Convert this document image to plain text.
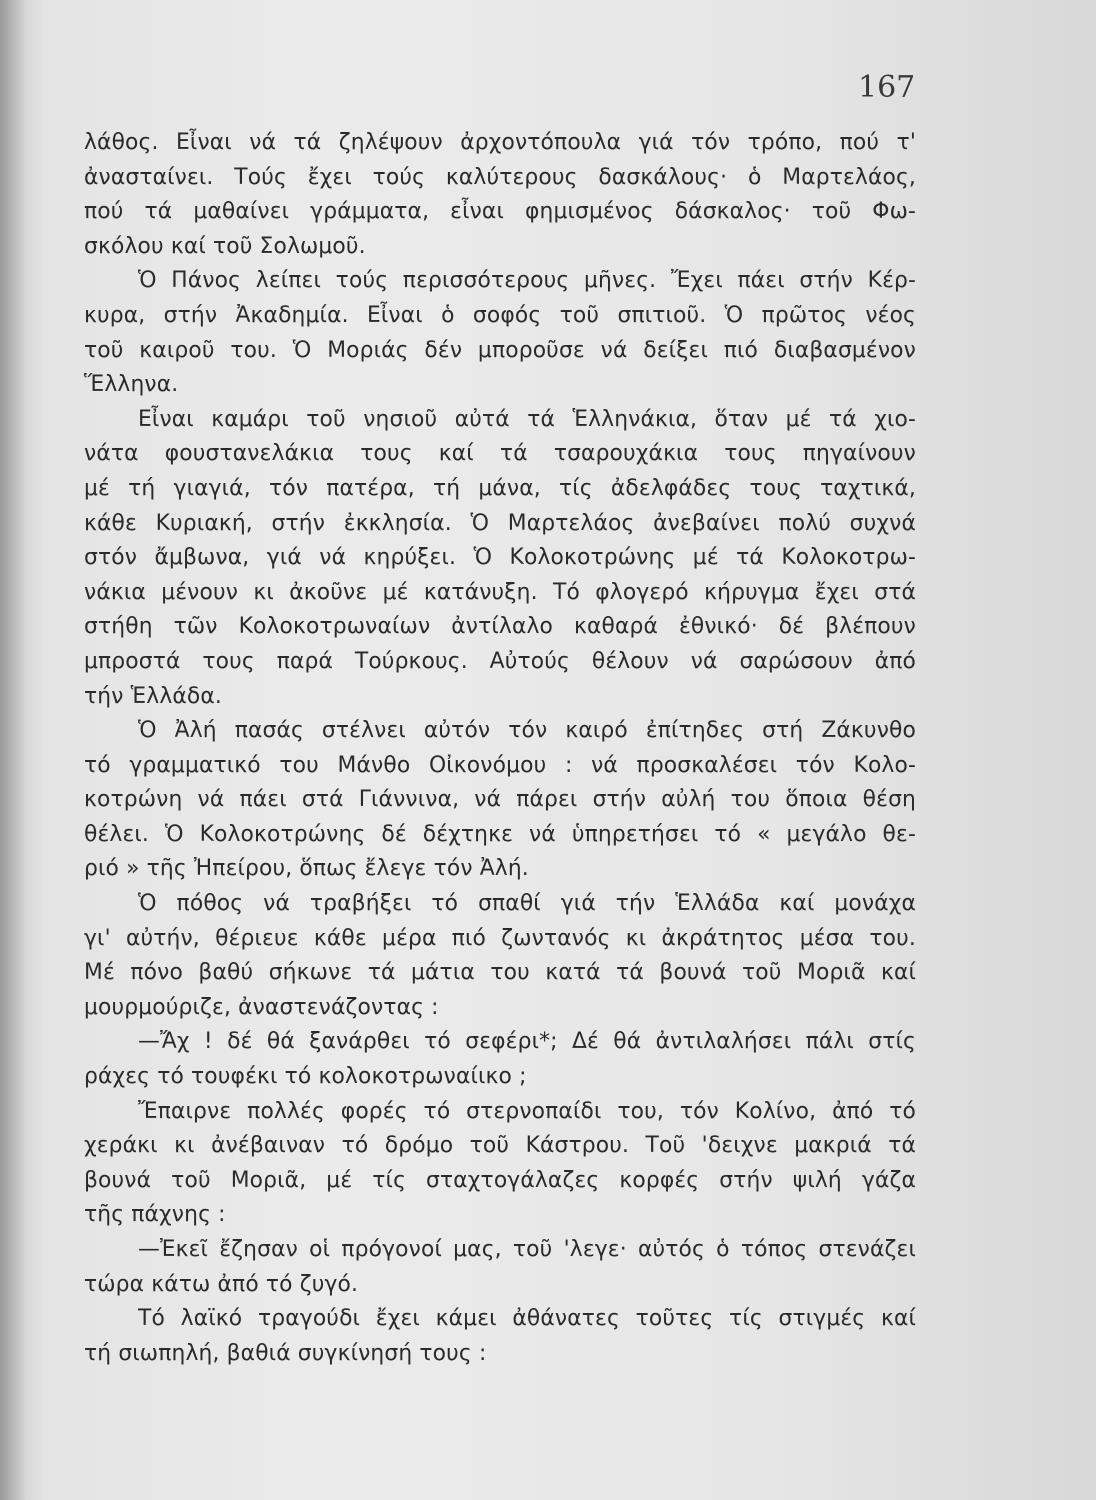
167
λάθος. Εἶναι νά τά ζηλέψουν ἀρχοντόπουλα γιά τόν τρόπο, πού τ'
ἀνασταίνει. Τούς ἔχει τούς καλύτερους δασκάλους· ὁ Μαρτελάος,
πού τά μαθαίνει γράμματα, εἶναι φημισμένος δάσκαλος· τοῦ Φω-
σκόλου καί τοῦ Σολωμοῦ.
Ὁ Πάνος λείπει τούς περισσότερους μῆνες. Ἔχει πάει στήν Κέρ-
κυρα, στήν Ἀκαδημία. Εἶναι ὁ σοφός τοῦ σπιτιοῦ. Ὁ πρῶτος νέος
τοῦ καιροῦ του. Ὁ Μοριάς δέν μποροῦσε νά δείξει πιό διαβασμένον
Ἕλληνα.
Εἶναι καμάρι τοῦ νησιοῦ αὐτά τά Ἑλληνάκια, ὅταν μέ τά χιο-
νάτα φουστανελάκια τους καί τά τσαρουχάκια τους πηγαίνουν
μέ τή γιαγιά, τόν πατέρα, τή μάνα, τίς ἀδελφάδες τους ταχτικά,
κάθε Κυριακή, στήν ἐκκλησία. Ὁ Μαρτελάος ἀνεβαίνει πολύ συχνά
στόν ἄμβωνα, γιά νά κηρύξει. Ὁ Κολοκοτρώνης μέ τά Κολοκοτρω-
νάκια μένουν κι ἀκοῦνε μέ κατάνυξη. Τό φλογερό κήρυγμα ἔχει στά
στήθη τῶν Κολοκοτρωναίων ἀντίλαλο καθαρά ἐθνικό· δέ βλέπουν
μπροστά τους παρά Τούρκους. Αὐτούς θέλουν νά σαρώσουν ἀπό
τήν Ἑλλάδα.
Ὁ Ἀλή πασάς στέλνει αὐτόν τόν καιρό ἐπίτηδες στή Ζάκυνθο
τό γραμματικό του Μάνθο Οἰκονόμου : νά προσκαλέσει τόν Κολο-
κοτρώνη νά πάει στά Γιάννινα, νά πάρει στήν αὐλή του ὅποια θέση
θέλει. Ὁ Κολοκοτρώνης δέ δέχτηκε νά ὑπηρετήσει τό « μεγάλο θε-
ριό » τῆς Ἠπείρου, ὅπως ἔλεγε τόν Ἀλή.
Ὁ πόθος νά τραβήξει τό σπαθί γιά τήν Ἑλλάδα καί μονάχα
γι' αὐτήν, θέριευε κάθε μέρα πιό ζωντανός κι ἀκράτητος μέσα του.
Μέ πόνο βαθύ σήκωνε τά μάτια του κατά τά βουνά τοῦ Μοριᾶ καί
μουρμούριζε, ἀναστενάζοντας :
—Ἄχ ! δέ θά ξανάρθει τό σεφέρι*; Δέ θά ἀντιλαλήσει πάλι στίς
ράχες τό τουφέκι τό κολοκοτρωναίικο ;
Ἔπαιρνε πολλές φορές τό στερνοπαίδι του, τόν Κολίνο, ἀπό τό
χεράκι κι ἀνέβαιναν τό δρόμο τοῦ Κάστρου. Τοῦ 'δειχνε μακριά τά
βουνά τοῦ Μοριᾶ, μέ τίς σταχτογάλαζες κορφές στήν ψιλή γάζα
τῆς πάχνης :
—Ἐκεῖ ἔζησαν οἱ πρόγονοί μας, τοῦ 'λεγε· αὐτός ὁ τόπος στενάζει
τώρα κάτω ἀπό τό ζυγό.
Τό λαϊκό τραγούδι ἔχει κάμει ἀθάνατες τοῦτες τίς στιγμές καί
τή σιωπηλή, βαθιά συγκίνησή τους :
